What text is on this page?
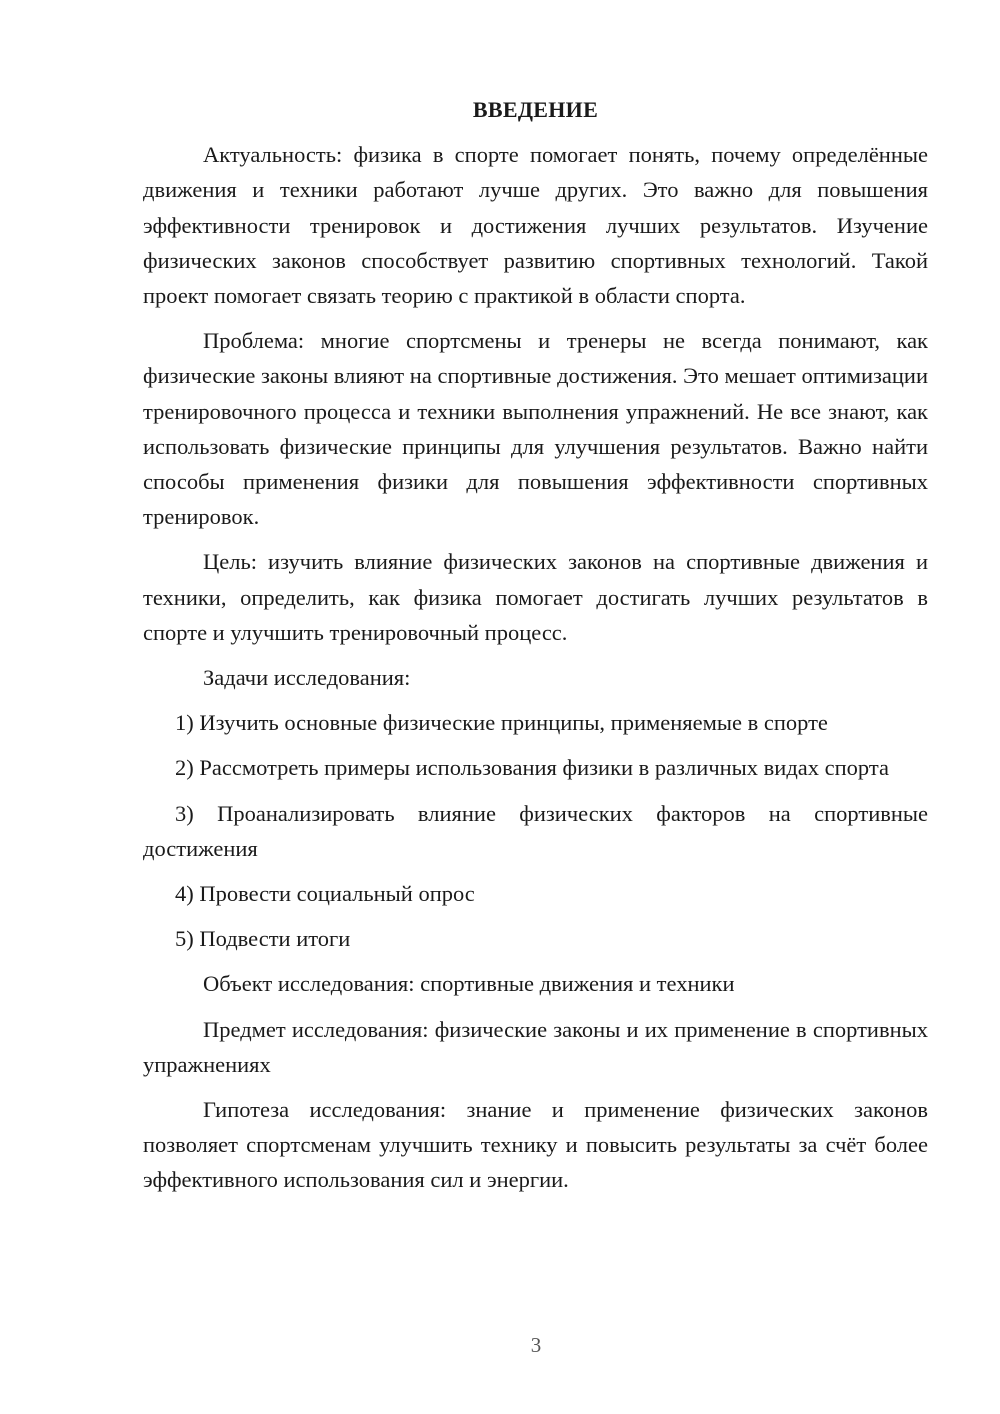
ВВЕДЕНИЕ

Актуальность: физика в спорте помогает понять, почему определённые движения и техники работают лучше других. Это важно для повышения эффективности тренировок и достижения лучших результатов. Изучение физических законов способствует развитию спортивных технологий. Такой проект помогает связать теорию с практикой в области спорта.

Проблема: многие спортсмены и тренеры не всегда понимают, как физические законы влияют на спортивные достижения. Это мешает оптимизации тренировочного процесса и техники выполнения упражнений. Не все знают, как использовать физические принципы для улучшения результатов. Важно найти способы применения физики для повышения эффективности спортивных тренировок.

Цель: изучить влияние физических законов на спортивные движения и техники, определить, как физика помогает достигать лучших результатов в спорте и улучшить тренировочный процесс.

Задачи исследования:

1) Изучить основные физические принципы, применяемые в спорте

2) Рассмотреть примеры использования физики в различных видах спорта

3) Проанализировать влияние физических факторов на спортивные достижения

4) Провести социальный опрос

5) Подвести итоги

Объект исследования: спортивные движения и техники

Предмет исследования: физические законы и их применение в спортивных упражнениях

Гипотеза исследования: знание и применение физических законов позволяет спортсменам улучшить технику и повысить результаты за счёт более эффективного использования сил и энергии.

3
